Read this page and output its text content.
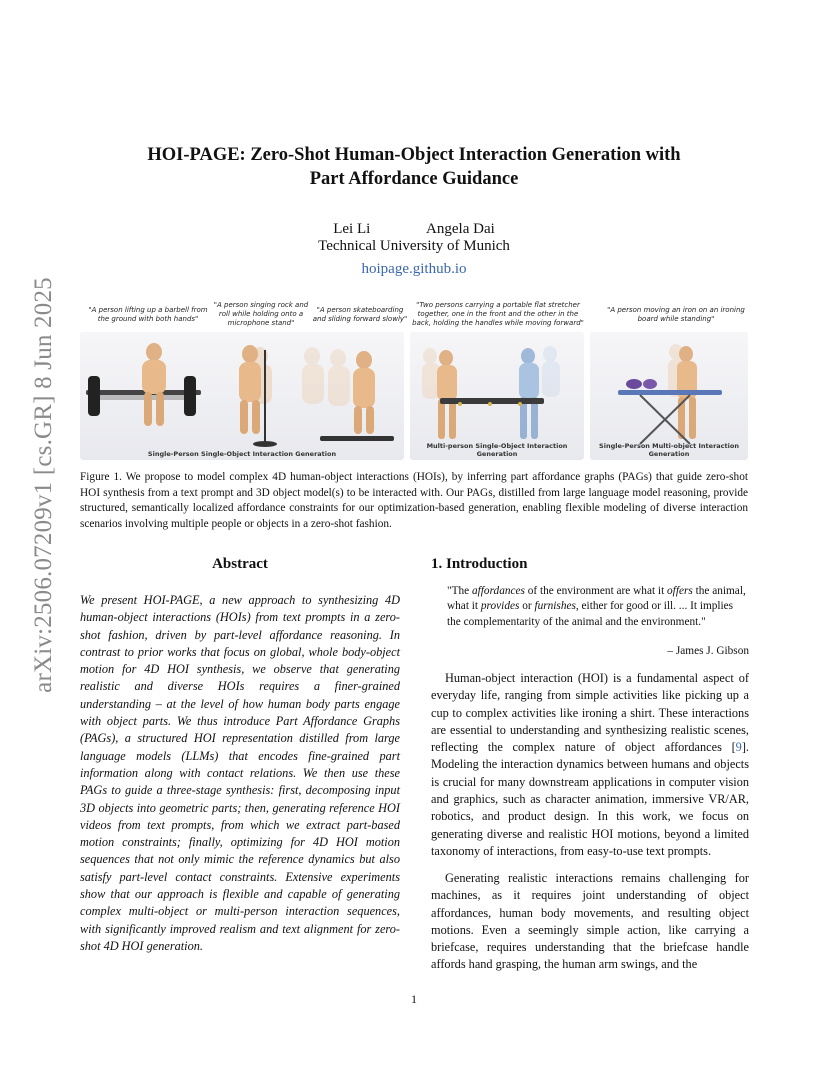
arXiv:2506.07209v1 [cs.GR] 8 Jun 2025
HOI-PAGE: Zero-Shot Human-Object Interaction Generation with
Part Affordance Guidance
Lei Li	Angela Dai
Technical University of Munich
hoipage.github.io
"A person lifting up a barbell from the ground with both hands"
"A person singing rock and roll while holding onto a microphone stand"
"A person skateboarding and sliding forward slowly"
"Two persons carrying a portable flat stretcher together, one in the front and the other in the back, holding the handles while moving forward"
"A person moving an iron on an ironing board while standing"
Single-Person Single-Object Interaction Generation
Multi-person Single-Object Interaction Generation
Single-Person Multi-object Interaction Generation
Figure 1. We propose to model complex 4D human-object interactions (HOIs), by inferring part affordance graphs (PAGs) that guide zero-shot HOI synthesis from a text prompt and 3D object model(s) to be interacted with. Our PAGs, distilled from large language model reasoning, provide structured, semantically localized affordance constraints for our optimization-based generation, enabling flexible modeling of diverse interaction scenarios involving multiple people or objects in a zero-shot fashion.
Abstract
We present HOI-PAGE, a new approach to synthesizing 4D human-object interactions (HOIs) from text prompts in a zero-shot fashion, driven by part-level affordance reasoning. In contrast to prior works that focus on global, whole body-object motion for 4D HOI synthesis, we observe that generating realistic and diverse HOIs requires a finer-grained understanding – at the level of how human body parts engage with object parts. We thus introduce Part Affordance Graphs (PAGs), a structured HOI representation distilled from large language models (LLMs) that encodes fine-grained part information along with contact relations. We then use these PAGs to guide a three-stage synthesis: first, decomposing input 3D objects into geometric parts; then, generating reference HOI videos from text prompts, from which we extract part-based motion constraints; finally, optimizing for 4D HOI motion sequences that not only mimic the reference dynamics but also satisfy part-level contact constraints. Extensive experiments show that our approach is flexible and capable of generating complex multi-object or multi-person interaction sequences, with significantly improved realism and text alignment for zero-shot 4D HOI generation.
1. Introduction
"The affordances of the environment are what it offers the animal, what it provides or furnishes, either for good or ill. ... It implies the complementarity of the animal and the environment."
– James J. Gibson
Human-object interaction (HOI) is a fundamental aspect of everyday life, ranging from simple activities like picking up a cup to complex activities like ironing a shirt. These interactions are essential to understanding and synthesizing realistic scenes, reflecting the complex nature of object affordances [9]. Modeling the interaction dynamics between humans and objects is crucial for many downstream applications in computer vision and graphics, such as character animation, immersive VR/AR, robotics, and product design. In this work, we focus on generating diverse and realistic HOI motions, beyond a limited taxonomy of interactions, from easy-to-use text prompts.
Generating realistic interactions remains challenging for machines, as it requires joint understanding of object affordances, human body movements, and resulting object motions. Even a seemingly simple action, like carrying a briefcase, requires understanding that the briefcase handle affords hand grasping, the human arm swings, and the
1
